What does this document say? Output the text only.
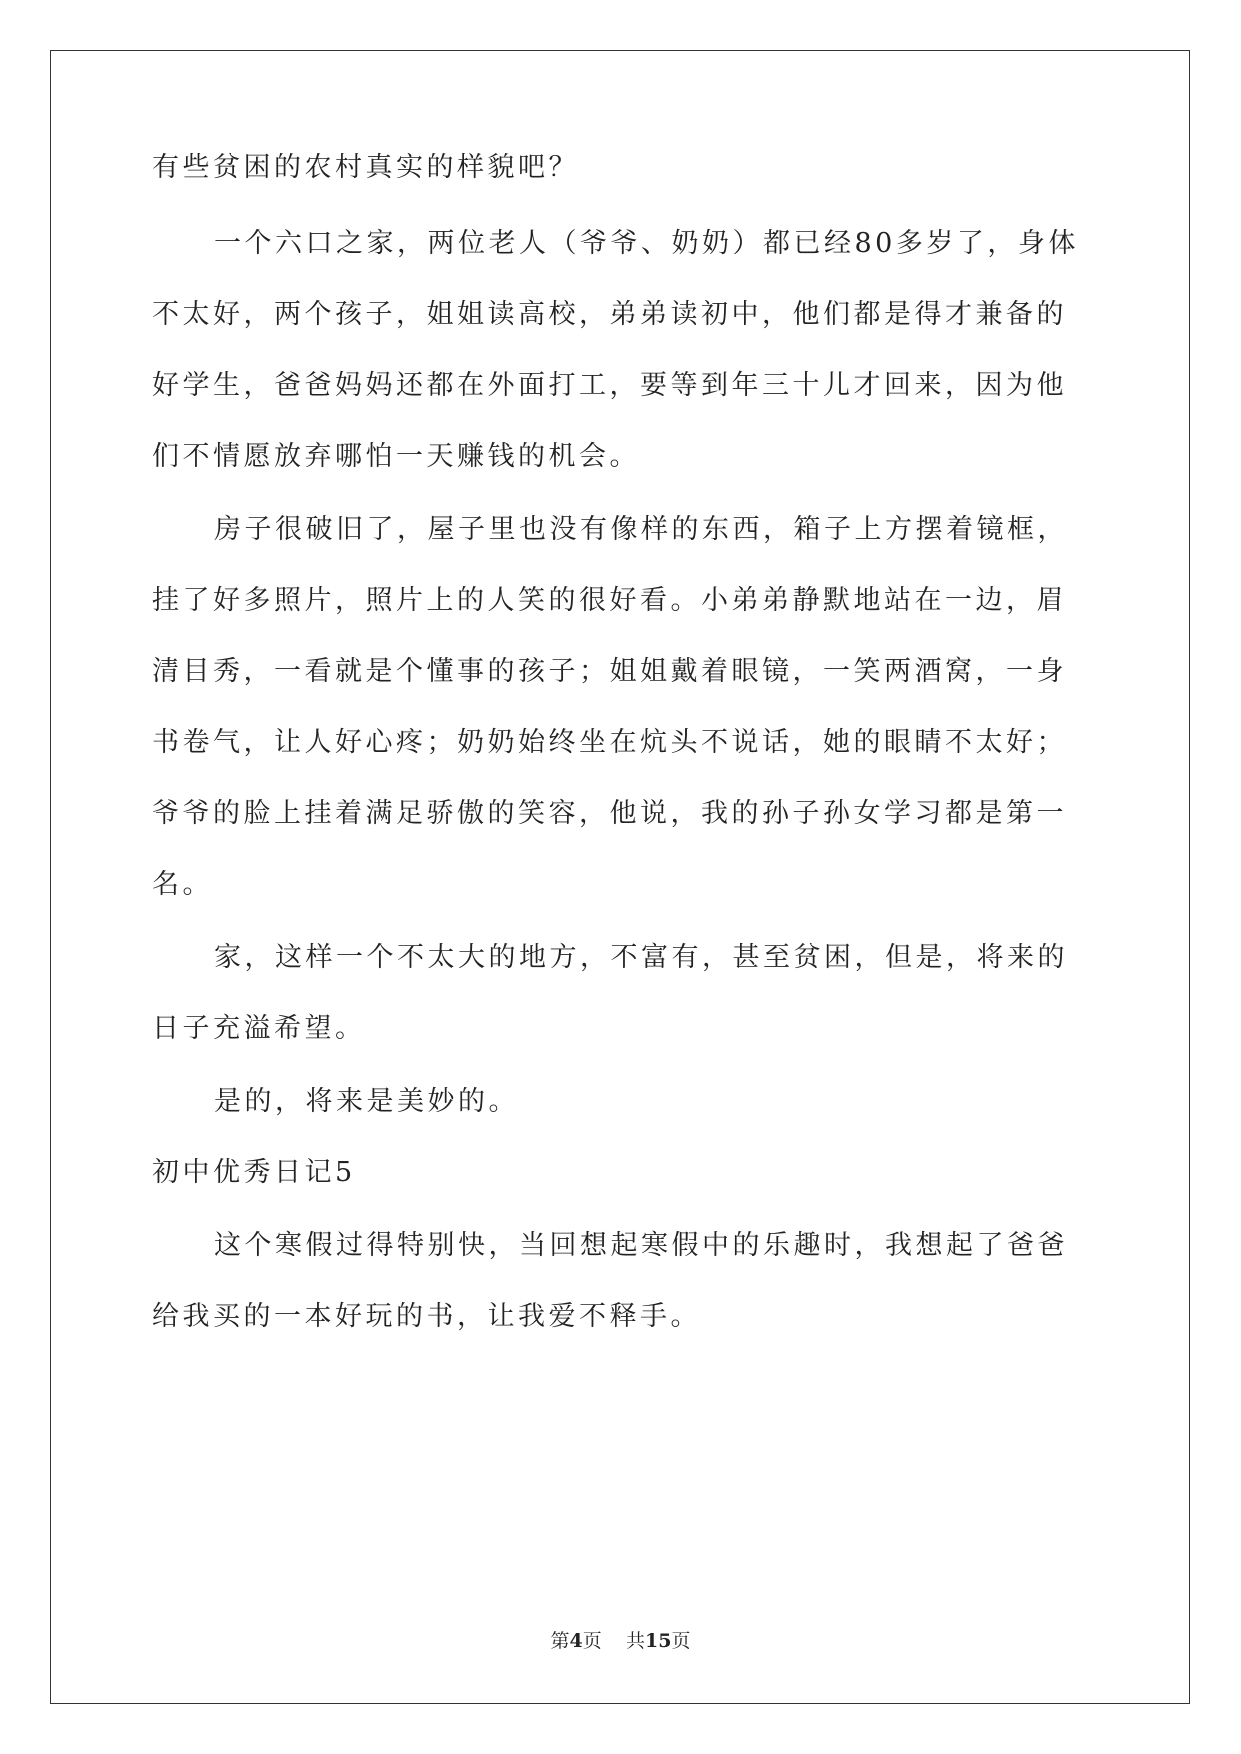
有些贫困的农村真实的样貌吧？
一个六口之家，两位老人（爷爷、奶奶）都已经80多岁了，身体
不太好，两个孩子，姐姐读高校，弟弟读初中，他们都是得才兼备的
好学生，爸爸妈妈还都在外面打工，要等到年三十儿才回来，因为他
们不情愿放弃哪怕一天赚钱的机会。
房子很破旧了，屋子里也没有像样的东西，箱子上方摆着镜框，
挂了好多照片，照片上的人笑的很好看。小弟弟静默地站在一边，眉
清目秀，一看就是个懂事的孩子；姐姐戴着眼镜，一笑两酒窝，一身
书卷气，让人好心疼；奶奶始终坐在炕头不说话，她的眼睛不太好；
爷爷的脸上挂着满足骄傲的笑容，他说，我的孙子孙女学习都是第一
名。
家，这样一个不太大的地方，不富有，甚至贫困，但是，将来的
日子充溢希望。
是的，将来是美妙的。
初中优秀日记5
这个寒假过得特别快，当回想起寒假中的乐趣时，我想起了爸爸
给我买的一本好玩的书，让我爱不释手。
第4页 共15页
